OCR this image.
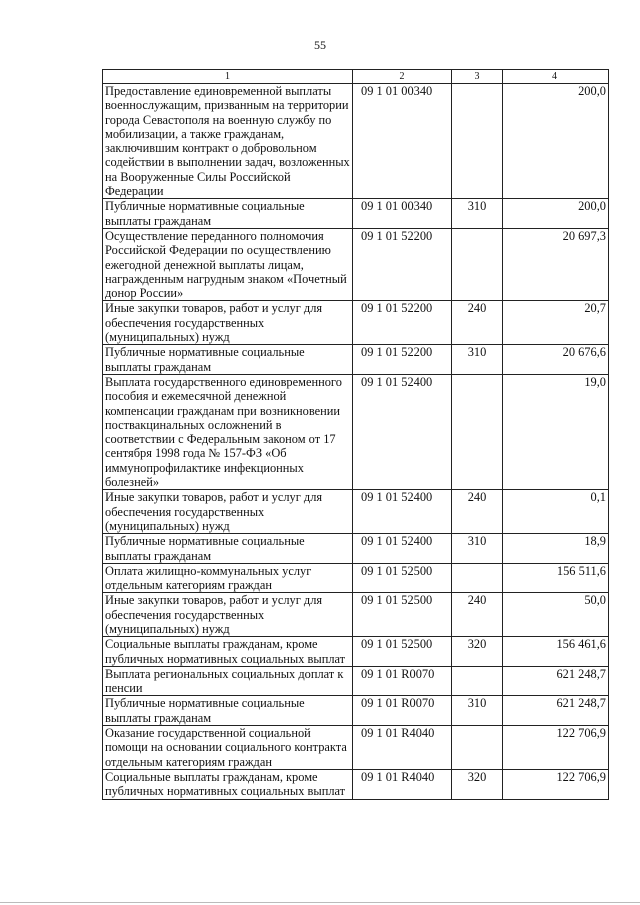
55
1	2	3	4
Предоставление единовременной выплаты военнослужащим, призванным на территории города Севастополя на военную службу по мобилизации, а также гражданам, заключившим контракт о добровольном содействии в выполнении задач, возложенных на Вооруженные Силы Российской Федерации	09 1 01 00340		200,0
Публичные нормативные социальные выплаты гражданам	09 1 01 00340	310	200,0
Осуществление переданного полномочия Российской Федерации по осуществлению ежегодной денежной выплаты лицам, награжденным нагрудным знаком «Почетный донор России»	09 1 01 52200		20 697,3
Иные закупки товаров, работ и услуг для обеспечения государственных (муниципальных) нужд	09 1 01 52200	240	20,7
Публичные нормативные социальные выплаты гражданам	09 1 01 52200	310	20 676,6
Выплата государственного единовременного пособия и ежемесячной денежной компенсации гражданам при возникновении поствакцинальных осложнений в соответствии с Федеральным законом от 17 сентября 1998 года № 157-ФЗ «Об иммунопрофилактике инфекционных болезней»	09 1 01 52400		19,0
Иные закупки товаров, работ и услуг для обеспечения государственных (муниципальных) нужд	09 1 01 52400	240	0,1
Публичные нормативные социальные выплаты гражданам	09 1 01 52400	310	18,9
Оплата жилищно-коммунальных услуг отдельным категориям граждан	09 1 01 52500		156 511,6
Иные закупки товаров, работ и услуг для обеспечения государственных (муниципальных) нужд	09 1 01 52500	240	50,0
Социальные выплаты гражданам, кроме публичных нормативных социальных выплат	09 1 01 52500	320	156 461,6
Выплата региональных социальных доплат к пенсии	09 1 01 R0070		621 248,7
Публичные нормативные социальные выплаты гражданам	09 1 01 R0070	310	621 248,7
Оказание государственной социальной помощи на основании социального контракта отдельным категориям граждан	09 1 01 R4040		122 706,9
Социальные выплаты гражданам, кроме публичных нормативных социальных выплат	09 1 01 R4040	320	122 706,9
